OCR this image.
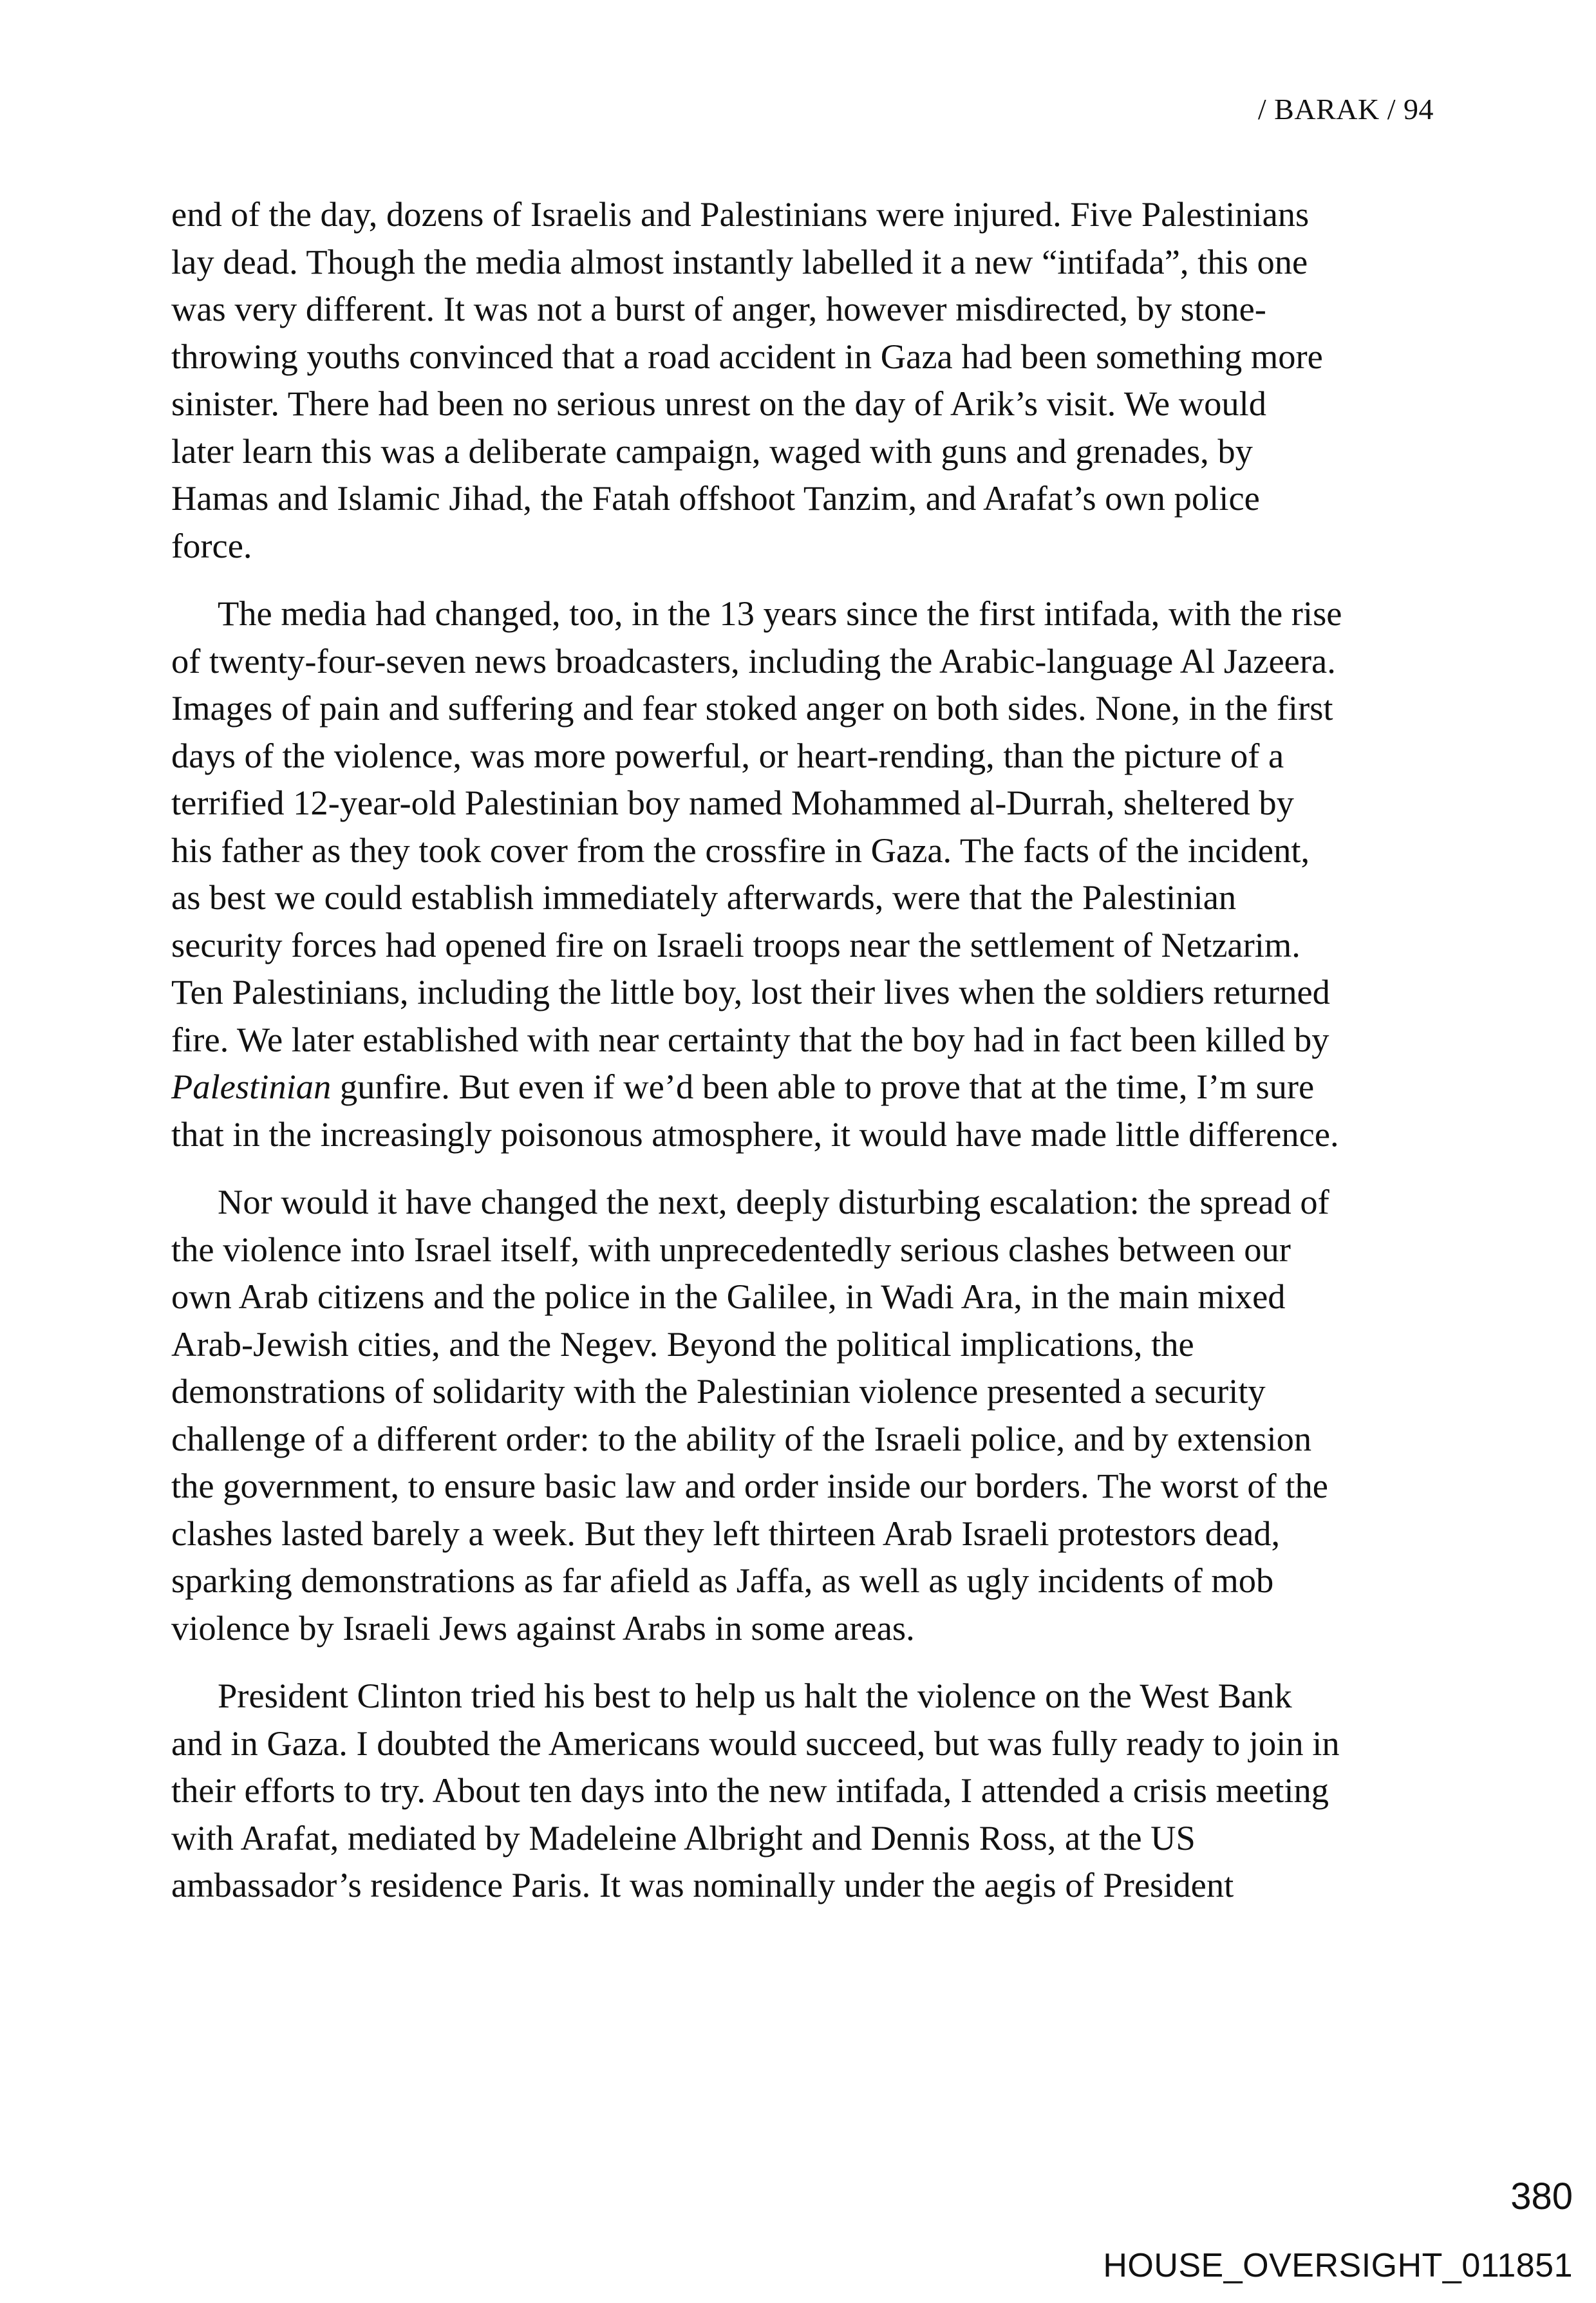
/ BARAK / 94

end of the day, dozens of Israelis and Palestinians were injured. Five Palestinians
lay dead. Though the media almost instantly labelled it a new “intifada”, this one
was very different. It was not a burst of anger, however misdirected, by stone-
throwing youths convinced that a road accident in Gaza had been something more
sinister. There had been no serious unrest on the day of Arik’s visit. We would
later learn this was a deliberate campaign, waged with guns and grenades, by
Hamas and Islamic Jihad, the Fatah offshoot Tanzim, and Arafat’s own police
force.

The media had changed, too, in the 13 years since the first intifada, with the rise
of twenty-four-seven news broadcasters, including the Arabic-language Al Jazeera.
Images of pain and suffering and fear stoked anger on both sides. None, in the first
days of the violence, was more powerful, or heart-rending, than the picture of a
terrified 12-year-old Palestinian boy named Mohammed al-Durrah, sheltered by
his father as they took cover from the crossfire in Gaza. The facts of the incident,
as best we could establish immediately afterwards, were that the Palestinian
security forces had opened fire on Israeli troops near the settlement of Netzarim.
Ten Palestinians, including the little boy, lost their lives when the soldiers returned
fire. We later established with near certainty that the boy had in fact been killed by
Palestinian gunfire. But even if we’d been able to prove that at the time, I’m sure
that in the increasingly poisonous atmosphere, it would have made little difference.

Nor would it have changed the next, deeply disturbing escalation: the spread of
the violence into Israel itself, with unprecedentedly serious clashes between our
own Arab citizens and the police in the Galilee, in Wadi Ara, in the main mixed
Arab-Jewish cities, and the Negev. Beyond the political implications, the
demonstrations of solidarity with the Palestinian violence presented a security
challenge of a different order: to the ability of the Israeli police, and by extension
the government, to ensure basic law and order inside our borders. The worst of the
clashes lasted barely a week. But they left thirteen Arab Israeli protestors dead,
sparking demonstrations as far afield as Jaffa, as well as ugly incidents of mob
violence by Israeli Jews against Arabs in some areas.

President Clinton tried his best to help us halt the violence on the West Bank
and in Gaza. I doubted the Americans would succeed, but was fully ready to join in
their efforts to try. About ten days into the new intifada, I attended a crisis meeting
with Arafat, mediated by Madeleine Albright and Dennis Ross, at the US
ambassador’s residence Paris. It was nominally under the aegis of President

380
HOUSE_OVERSIGHT_011851
